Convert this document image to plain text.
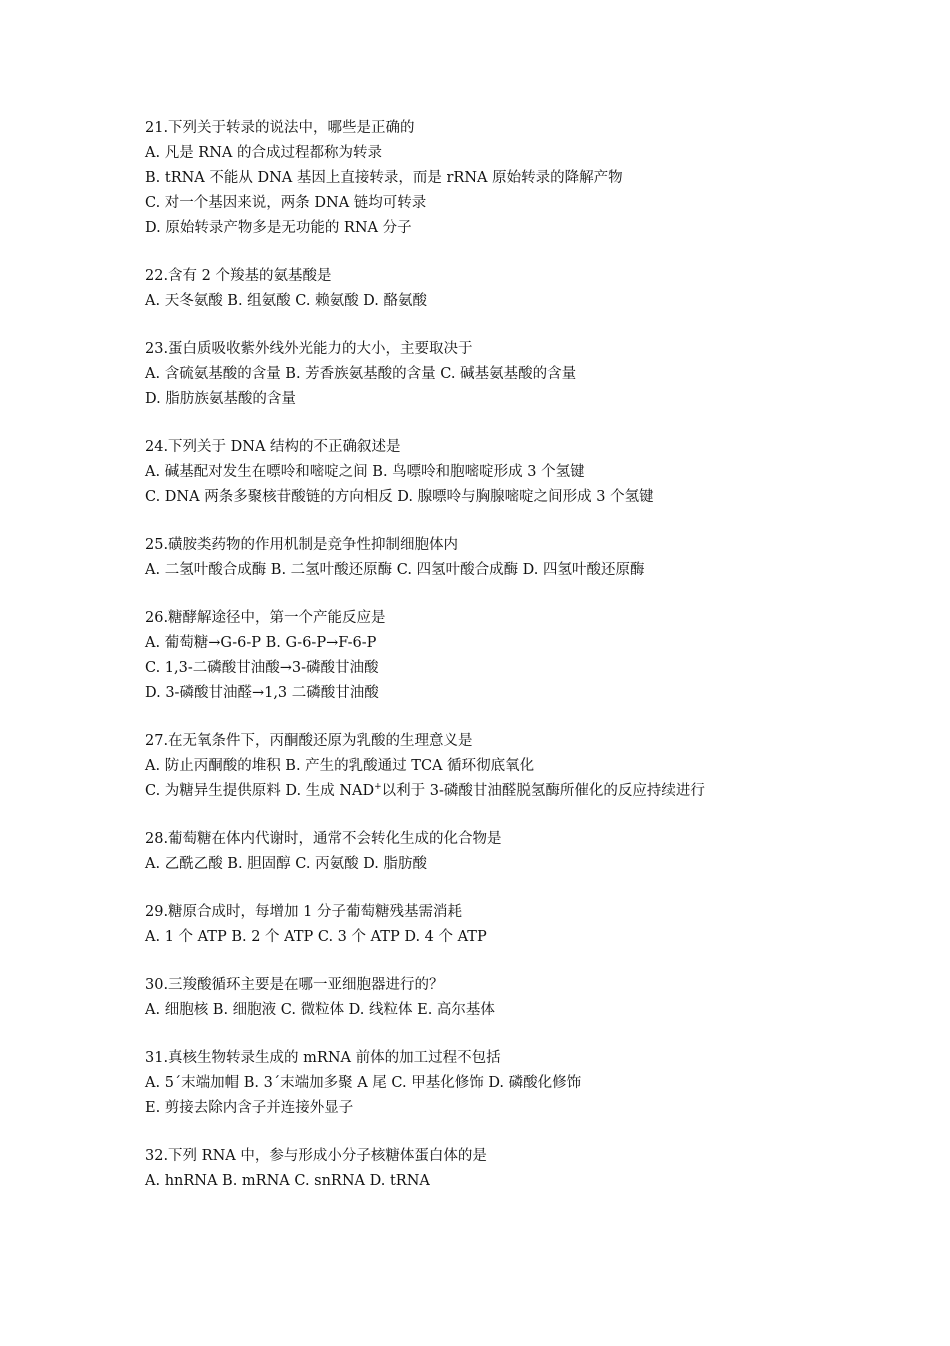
21.下列关于转录的说法中，哪些是正确的
A. 凡是 RNA 的合成过程都称为转录
B. tRNA 不能从 DNA 基因上直接转录，而是 rRNA 原始转录的降解产物
C. 对一个基因来说，两条 DNA 链均可转录
D. 原始转录产物多是无功能的 RNA 分子
22.含有 2 个羧基的氨基酸是
A. 天冬氨酸 B. 组氨酸 C. 赖氨酸 D. 酪氨酸
23.蛋白质吸收紫外线外光能力的大小，主要取决于
A. 含硫氨基酸的含量 B. 芳香族氨基酸的含量 C. 碱基氨基酸的含量
D. 脂肪族氨基酸的含量
24.下列关于 DNA 结构的不正确叙述是
A. 碱基配对发生在嘌呤和嘧啶之间 B. 鸟嘌呤和胞嘧啶形成 3 个氢键
C. DNA 两条多聚核苷酸链的方向相反 D. 腺嘌呤与胸腺嘧啶之间形成 3 个氢键
25.磺胺类药物的作用机制是竞争性抑制细胞体内
A. 二氢叶酸合成酶 B. 二氢叶酸还原酶 C. 四氢叶酸合成酶 D. 四氢叶酸还原酶
26.糖酵解途径中，第一个产能反应是
A. 葡萄糖→G-6-P B. G-6-P→F-6-P
C. 1,3-二磷酸甘油酸→3-磷酸甘油酸
D. 3-磷酸甘油醛→1,3 二磷酸甘油酸
27.在无氧条件下，丙酮酸还原为乳酸的生理意义是
A. 防止丙酮酸的堆积 B. 产生的乳酸通过 TCA 循环彻底氧化
C. 为糖异生提供原料 D. 生成 NAD+以利于 3-磷酸甘油醛脱氢酶所催化的反应持续进行
28.葡萄糖在体内代谢时，通常不会转化生成的化合物是
A. 乙酰乙酸 B. 胆固醇 C. 丙氨酸 D. 脂肪酸
29.糖原合成时，每增加 1 分子葡萄糖残基需消耗
A. 1 个 ATP B. 2 个 ATP C. 3 个 ATP D. 4 个 ATP
30.三羧酸循环主要是在哪一亚细胞器进行的？
A. 细胞核 B. 细胞液 C. 微粒体 D. 线粒体 E. 高尔基体
31.真核生物转录生成的 mRNA 前体的加工过程不包括
A. 5´末端加帽 B. 3´末端加多聚 A 尾 C. 甲基化修饰 D. 磷酸化修饰
E. 剪接去除内含子并连接外显子
32.下列 RNA 中，参与形成小分子核糖体蛋白体的是
A. hnRNA B. mRNA C. snRNA D. tRNA
